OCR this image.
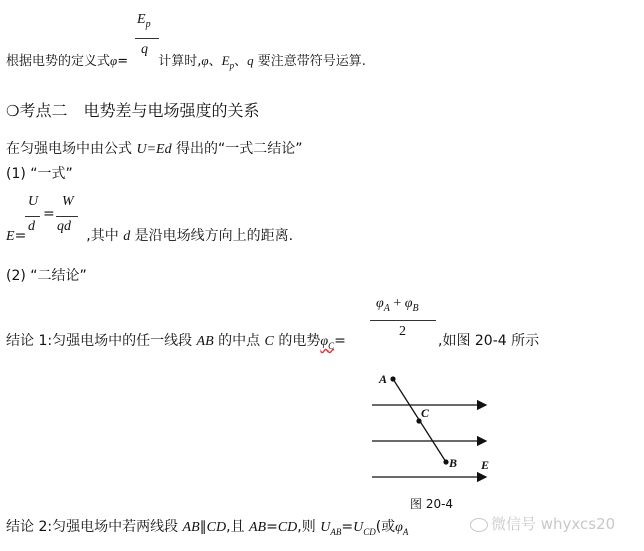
$E_p$
q
根据电势的定义式φ= 计算时,φ、$E_p$、q 要注意带符号运算.
❍考点二　电势差与电场强度的关系
在匀强电场中由公式 U=Ed 得出的“一式二结论”
(1) “一式”
U
d
=
W
qd
E=	,其中 d 是沿电场线方向上的距离.
(2) “二结论”
$\varphi_A + \varphi_B$
2
结论 1:匀强电场中的任一线段 AB 的中点 C 的电势$\varphi_C=$	,如图 20-4 所示
A
C
B E
图 20-4
结论 2:匀强电场中若两线段 AB∥CD,且 AB=CD,则 $U_{AB}=U_{CD}$(或$\varphi_A$	微信号 whyxcs20
